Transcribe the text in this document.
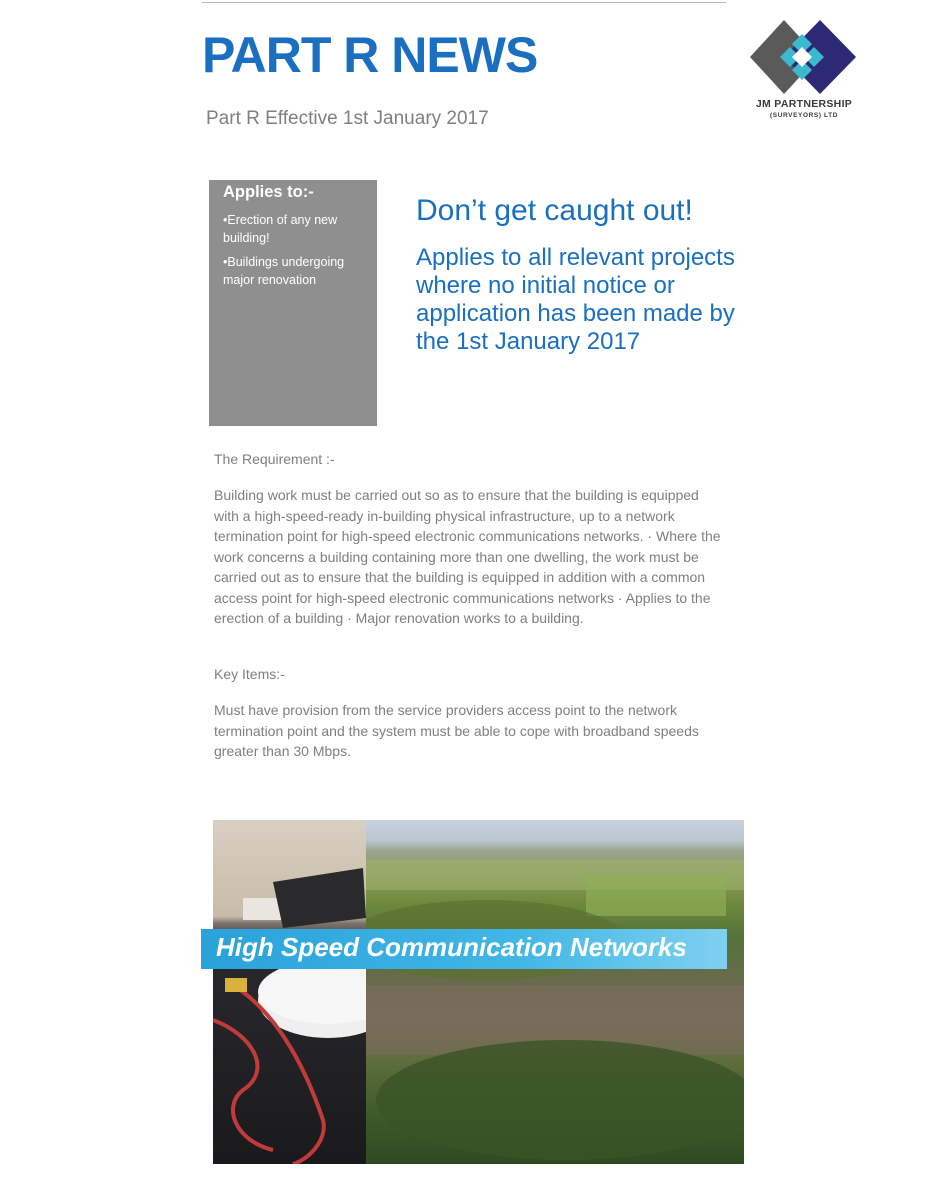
PART R NEWS
Part R Effective 1st January 2017
JM PARTNERSHIP
(SURVEYORS) LTD
Applies to:-
•Erection of any new building!
•Buildings undergoing major renovation
Don’t get caught out!
Applies to all relevant projects where no initial notice or application has been made by the 1st January 2017

The Requirement :-

Building work must be carried out so as to ensure that the building is equipped with a high-speed-ready in-building physical infrastructure, up to a network termination point for high-speed electronic communications networks. · Where the work concerns a building containing more than one dwelling, the work must be carried out as to ensure that the building is equipped in addition with a common access point for high-speed electronic communications networks · Applies to the erection of a building · Major renovation works to a building.

Key Items:-

Must have provision from the service providers access point to the network termination point and the system must be able to cope with broadband speeds greater than 30 Mbps.

High Speed Communication Networks
